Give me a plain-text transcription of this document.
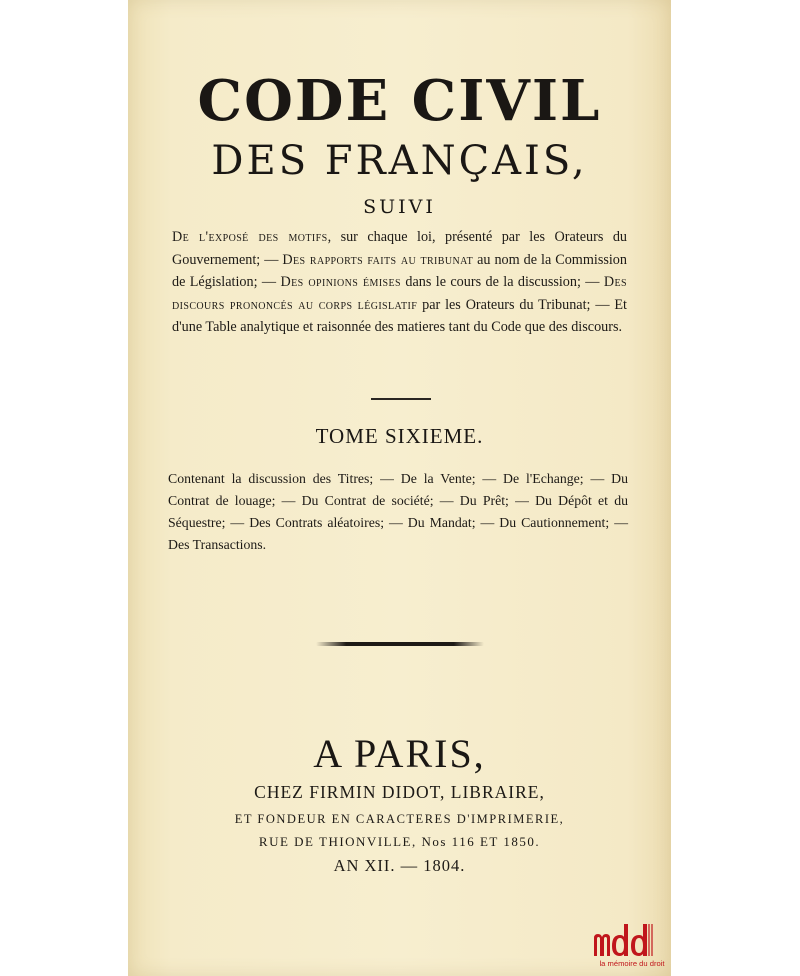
CODE CIVIL
DES FRANÇAIS,
SUIVI
De l'exposé des motifs, sur chaque loi, présenté par les Orateurs du Gouvernement; — Des rapports faits au tribunat au nom de la Commission de Législation; — Des opinions émises dans le cours de la discussion; — Des discours prononcés au corps législatif par les Orateurs du Tribunat; — Et d'une Table analytique et raisonnée des matieres tant du Code que des discours.
TOME SIXIEME.
Contenant la discussion des Titres; — De la Vente; — De l'Echange; — Du Contrat de louage; — Du Contrat de société; — Du Prêt; — Du Dépôt et du Séquestre; — Des Contrats aléatoires; — Du Mandat; — Du Cautionnement; — Des Transactions.
A PARIS,
CHEZ FIRMIN DIDOT, LIBRAIRE,
ET FONDEUR EN CARACTERES D'IMPRIMERIE,
RUE DE THIONVILLE, Nos 116 ET 1850.
AN XII. — 1804.
la mémoire du droit
